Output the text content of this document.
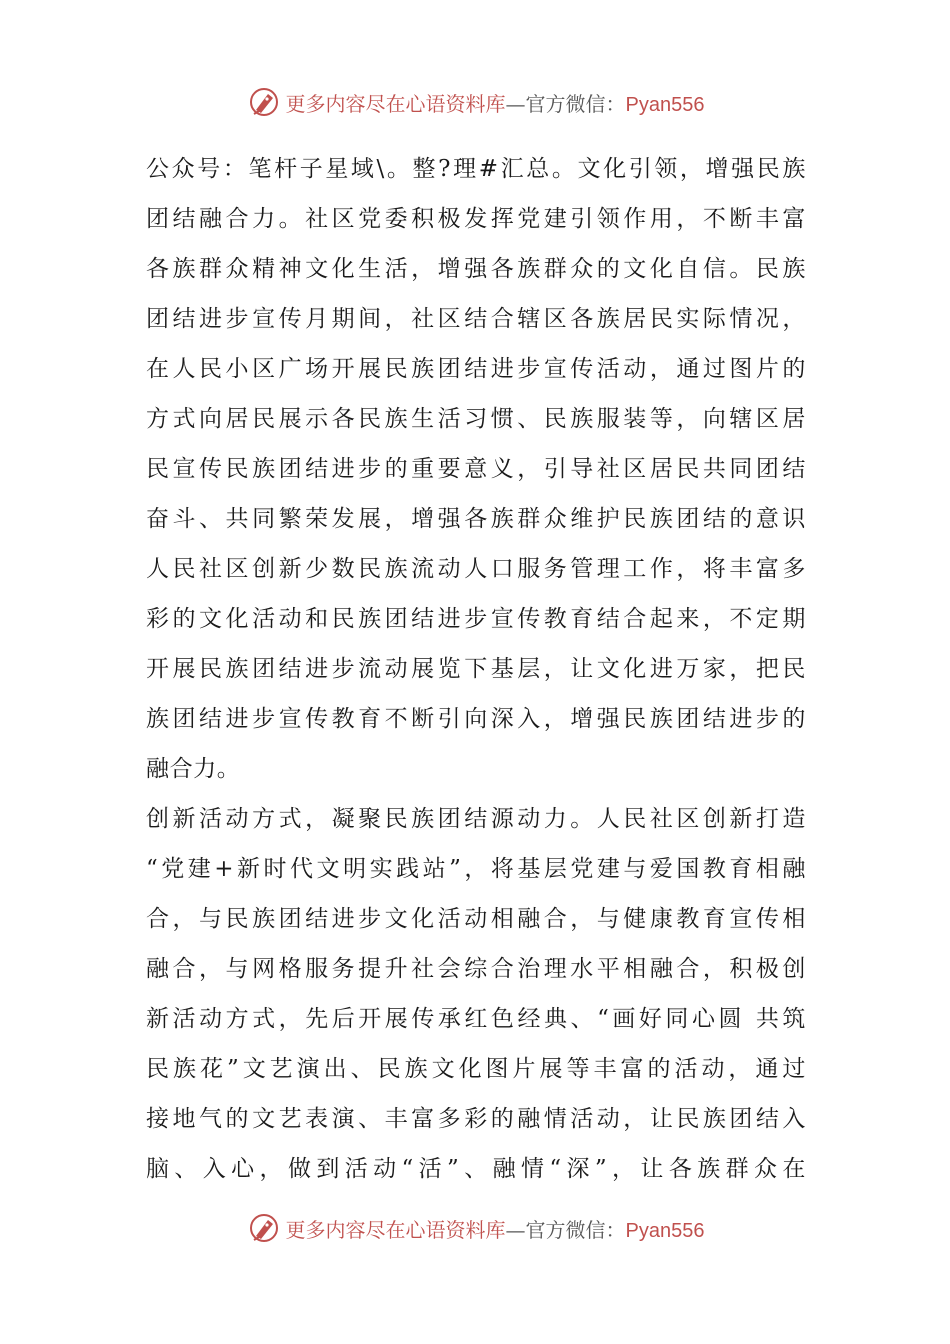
更多内容尽在心语资料库—官方微信：Pyan556
公众号：笔杆子星域\。整?理#汇总。文化引领，增强民族
团结融合力。社区党委积极发挥党建引领作用，不断丰富
各族群众精神文化生活，增强各族群众的文化自信。民族
团结进步宣传月期间，社区结合辖区各族居民实际情况，
在人民小区广场开展民族团结进步宣传活动，通过图片的
方式向居民展示各民族生活习惯、民族服装等，向辖区居
民宣传民族团结进步的重要意义，引导社区居民共同团结
奋斗、共同繁荣发展，增强各族群众维护民族团结的意识
人民社区创新少数民族流动人口服务管理工作，将丰富多
彩的文化活动和民族团结进步宣传教育结合起来，不定期
开展民族团结进步流动展览下基层，让文化进万家，把民
族团结进步宣传教育不断引向深入，增强民族团结进步的
融合力。
创新活动方式，凝聚民族团结源动力。人民社区创新打造
“党建+新时代文明实践站”，将基层党建与爱国教育相融
合，与民族团结进步文化活动相融合，与健康教育宣传相
融合，与网格服务提升社会综合治理水平相融合，积极创
新活动方式，先后开展传承红色经典、“画好同心圆 共筑
民族花”文艺演出、民族文化图片展等丰富的活动，通过
接地气的文艺表演、丰富多彩的融情活动，让民族团结入
脑、入心，做到活动“活”、融情“深”，让各族群众在
更多内容尽在心语资料库—官方微信：Pyan556
